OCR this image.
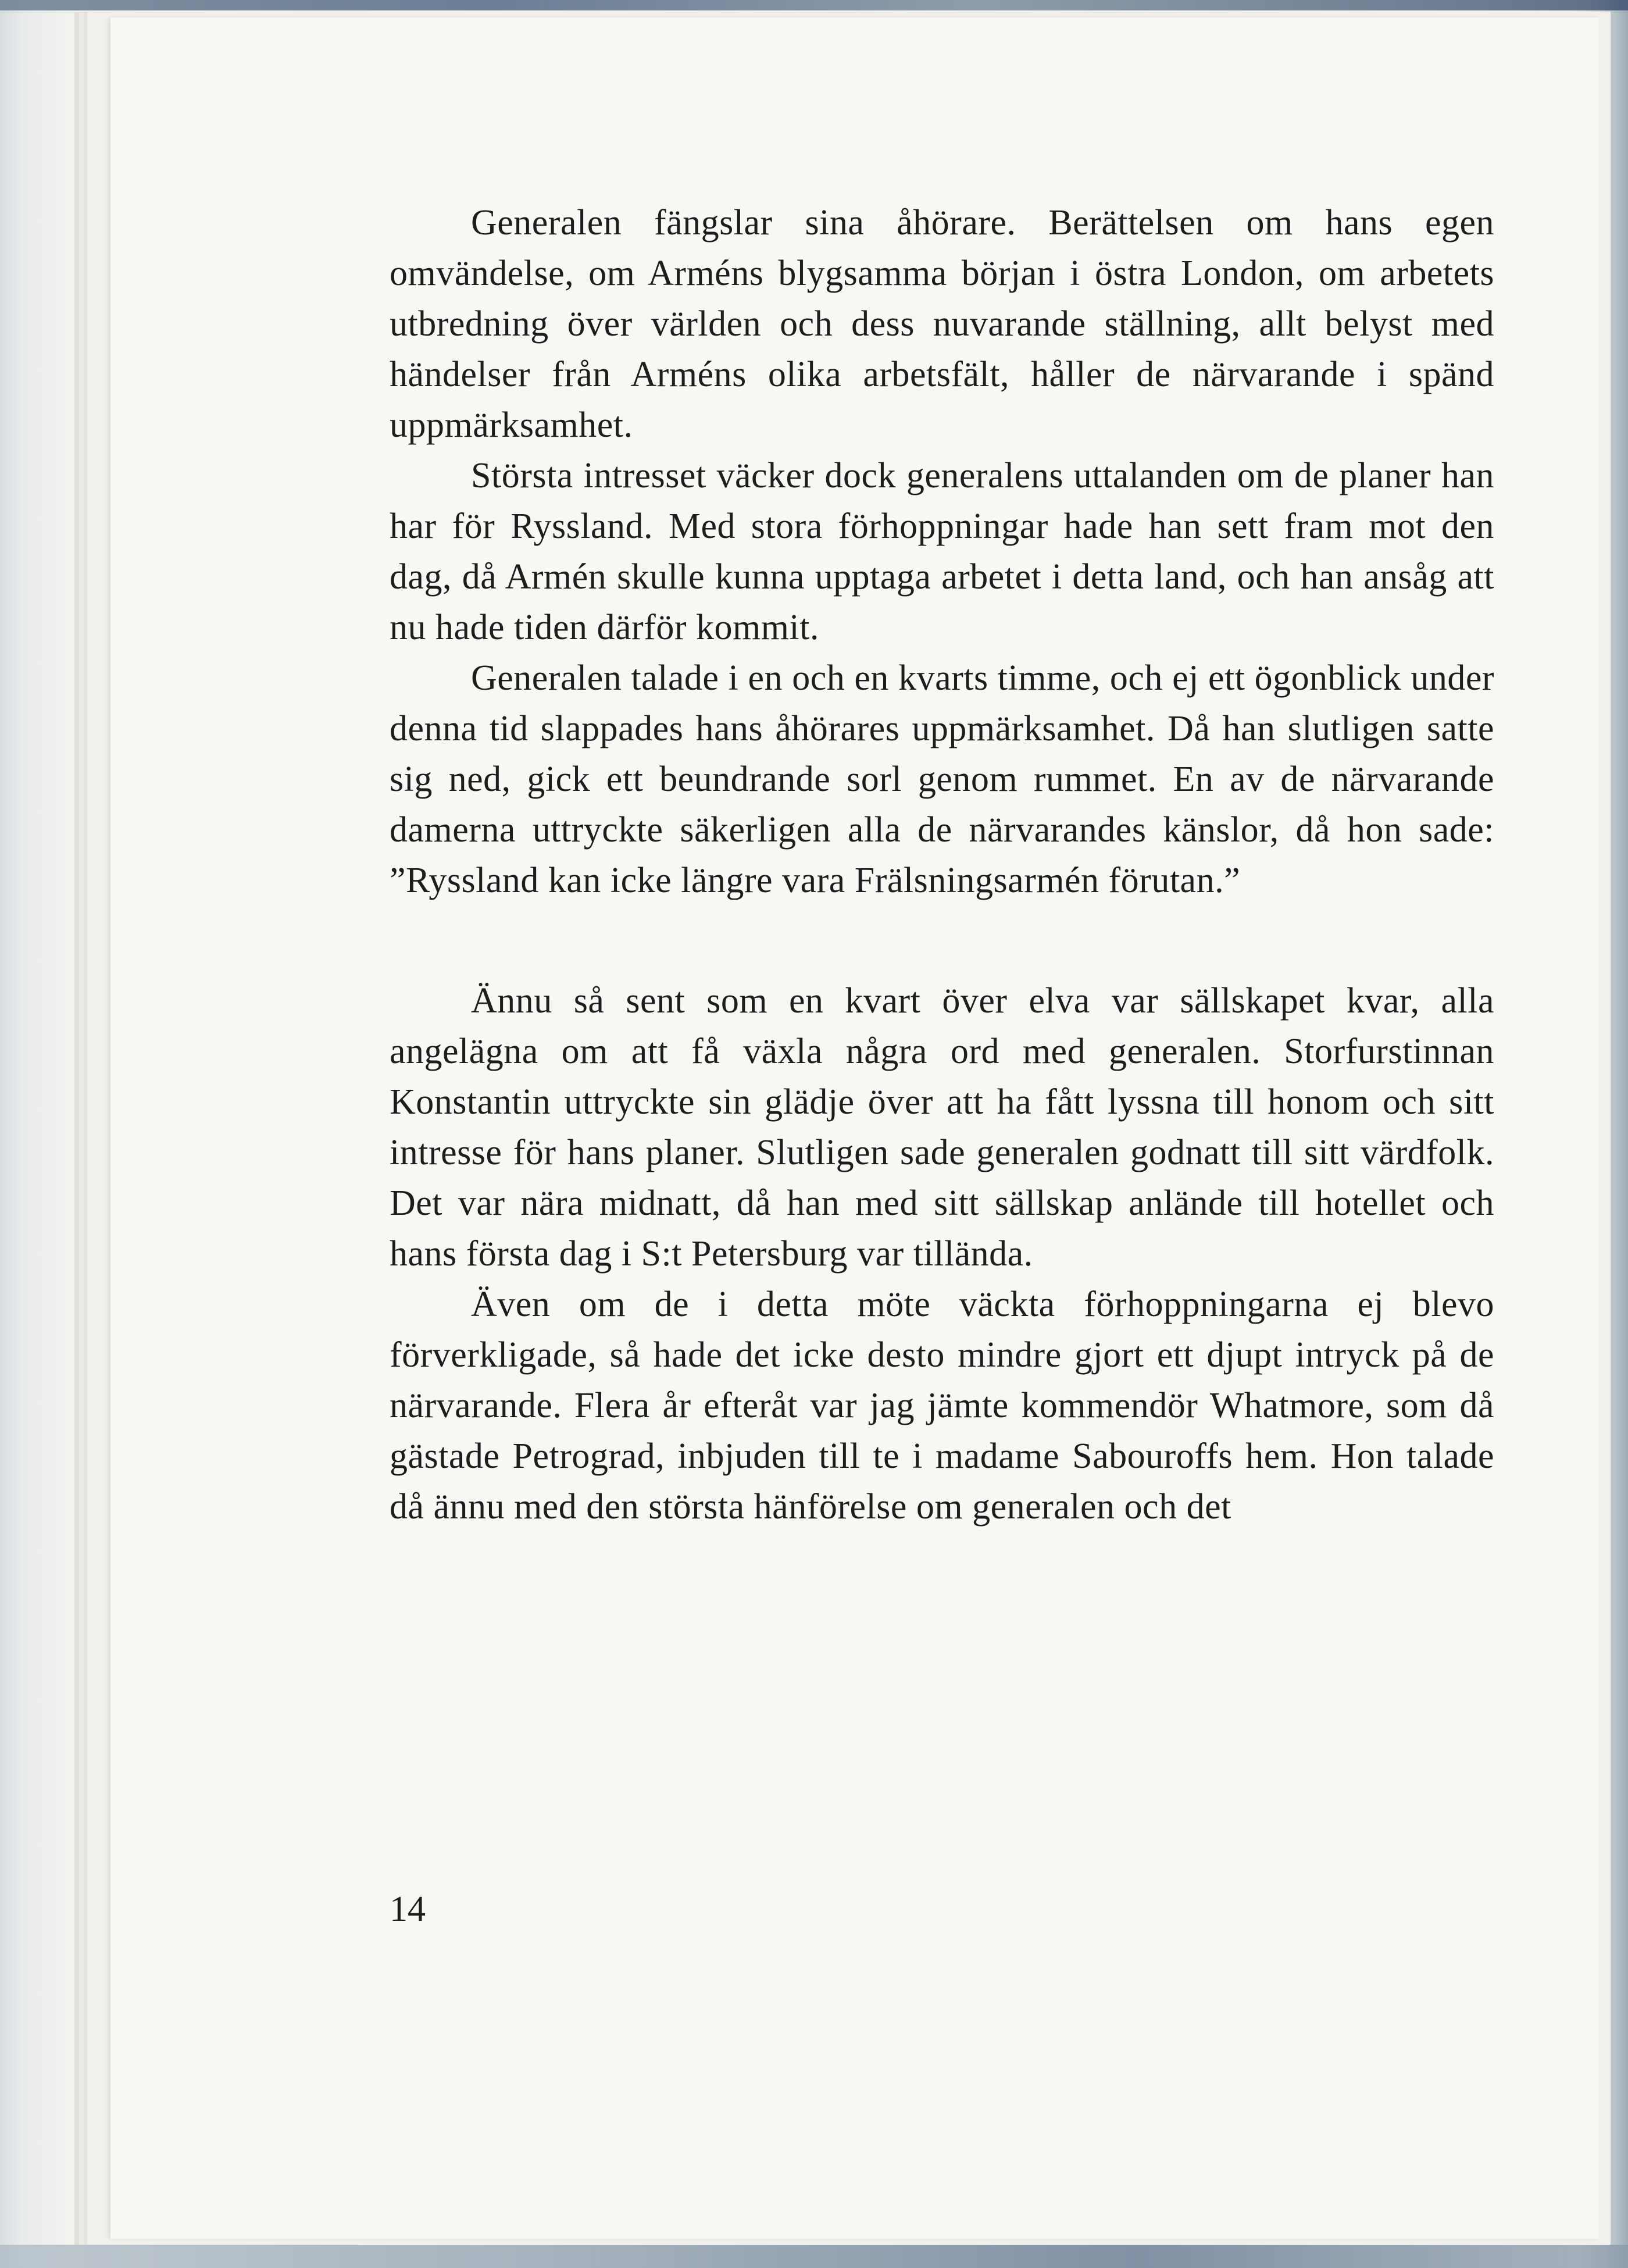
Generalen fängslar sina åhörare. Berättelsen om hans egen omvändelse, om Arméns blygsamma början i östra London, om arbetets utbredning över världen och dess nuvarande ställning, allt belyst med händelser från Arméns olika arbetsfält, håller de närvarande i spänd uppmärksamhet.

Största intresset väcker dock generalens uttalanden om de planer han har för Ryssland. Med stora förhoppningar hade han sett fram mot den dag, då Armén skulle kunna upptaga arbetet i detta land, och han ansåg att nu hade tiden därför kommit.

Generalen talade i en och en kvarts timme, och ej ett ögonblick under denna tid slappades hans åhörares uppmärksamhet. Då han slutligen satte sig ned, gick ett beundrande sorl genom rummet. En av de närvarande damerna uttryckte säkerligen alla de närvarandes känslor, då hon sade: ”Ryssland kan icke längre vara Frälsningsarmén förutan.”

Ännu så sent som en kvart över elva var sällskapet kvar, alla angelägna om att få växla några ord med generalen. Storfurstinnan Konstantin uttryckte sin glädje över att ha fått lyssna till honom och sitt intresse för hans planer. Slutligen sade generalen godnatt till sitt värdfolk. Det var nära midnatt, då han med sitt sällskap anlände till hotellet och hans första dag i S:t Petersburg var tillända.

Även om de i detta möte väckta förhoppningarna ej blevo förverkligade, så hade det icke desto mindre gjort ett djupt intryck på de närvarande. Flera år efteråt var jag jämte kommendör Whatmore, som då gästade Petrograd, inbjuden till te i madame Sabouroffs hem. Hon talade då ännu med den största hänförelse om generalen och det

14
